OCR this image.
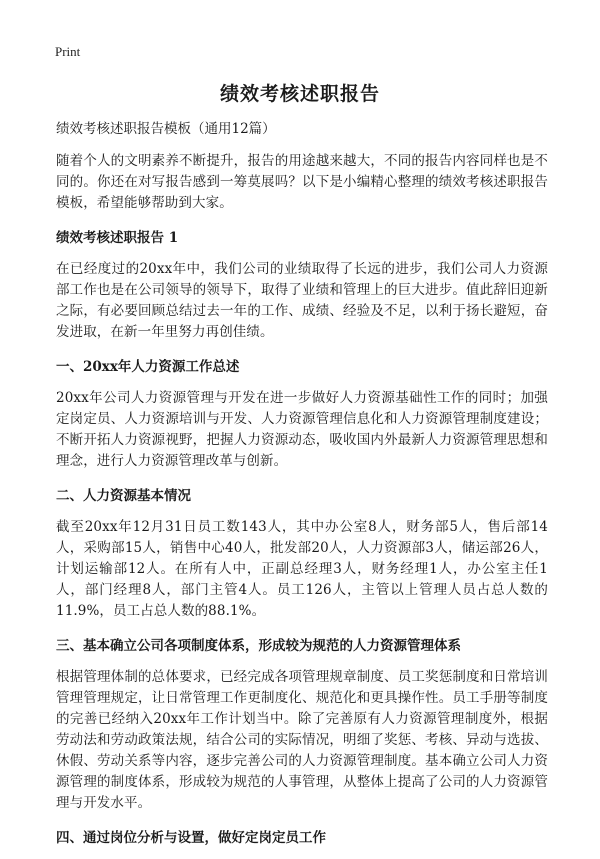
Print
绩效考核述职报告

绩效考核述职报告模板（通用12篇）

随着个人的文明素养不断提升，报告的用途越来越大，不同的报告内容同样也是不同的。你还在对写报告感到一筹莫展吗？以下是小编精心整理的绩效考核述职报告模板，希望能够帮助到大家。

绩效考核述职报告 1

在已经度过的20xx年中，我们公司的业绩取得了长远的进步，我们公司人力资源部工作也是在公司领导的领导下，取得了业绩和管理上的巨大进步。值此辞旧迎新之际，有必要回顾总结过去一年的工作、成绩、经验及不足，以利于扬长避短，奋发进取，在新一年里努力再创佳绩。

一、20xx年人力资源工作总述

20xx年公司人力资源管理与开发在进一步做好人力资源基础性工作的同时；加强定岗定员、人力资源培训与开发、人力资源管理信息化和人力资源管理制度建设；不断开拓人力资源视野，把握人力资源动态，吸收国内外最新人力资源管理思想和理念，进行人力资源管理改革与创新。

二、人力资源基本情况

截至20xx年12月31日员工数143人，其中办公室8人，财务部5人，售后部14人，采购部15人，销售中心40人，批发部20人，人力资源部3人，储运部26人，计划运输部12人。在所有人中，正副总经理3人，财务经理1人，办公室主任1人，部门经理8人，部门主管4人。员工126人，主管以上管理人员占总人数的11.9%，员工占总人数的88.1%。

三、基本确立公司各项制度体系，形成较为规范的人力资源管理体系

根据管理体制的总体要求，已经完成各项管理规章制度、员工奖惩制度和日常培训管理管理规定，让日常管理工作更制度化、规范化和更具操作性。员工手册等制度的完善已经纳入20xx年工作计划当中。除了完善原有人力资源管理制度外，根据劳动法和劳动政策法规，结合公司的实际情况，明细了奖惩、考核、异动与选拔、休假、劳动关系等内容，逐步完善公司的人力资源管理制度。基本确立公司人力资源管理的制度体系，形成较为规范的人事管理，从整体上提高了公司的人力资源管理与开发水平。

四、通过岗位分析与设置，做好定岗定员工作
